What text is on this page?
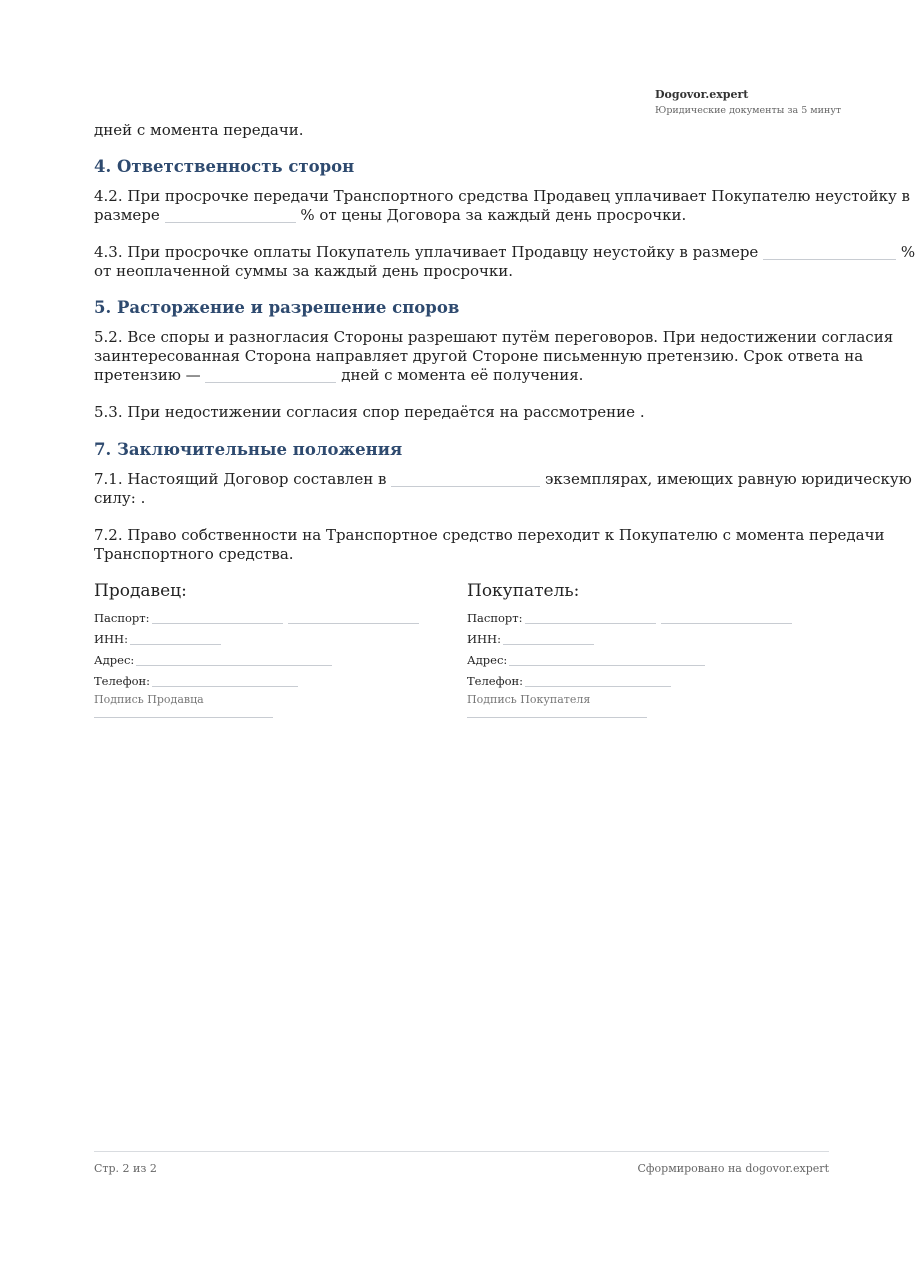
Dogovor.expert
Юридические документы за 5 минут

дней с момента передачи.

4. Ответственность сторон

4.2. При просрочке передачи Транспортного средства Продавец уплачивает Покупателю неустойку в

размере	% от цены Договора за каждый день просрочки.

4.3. При просрочке оплаты Покупатель уплачивает Продавцу неустойку в размере	%

от неоплаченной суммы за каждый день просрочки.

5. Расторжение и разрешение споров

5.2. Все споры и разногласия Стороны разрешают путём переговоров. При недостижении согласия

заинтересованная Сторона направляет другой Стороне письменную претензию. Срок ответа на

претензию —	дней с момента её получения.

5.3. При недостижении согласия спор передаётся на рассмотрение .

7. Заключительные положения

7.1. Настоящий Договор составлен в	экземплярах, имеющих равную юридическую

силу: .

7.2. Право собственности на Транспортное средство переходит к Покупателю с момента передачи

Транспортного средства.

Продавец:
Паспорт:
ИНН:
Адрес:
Телефон:
Подпись Продавца
Покупатель:
Паспорт:
ИНН:
Адрес:
Телефон:
Подпись Покупателя
Стр. 2 из 2	Сформировано на dogovor.expert
